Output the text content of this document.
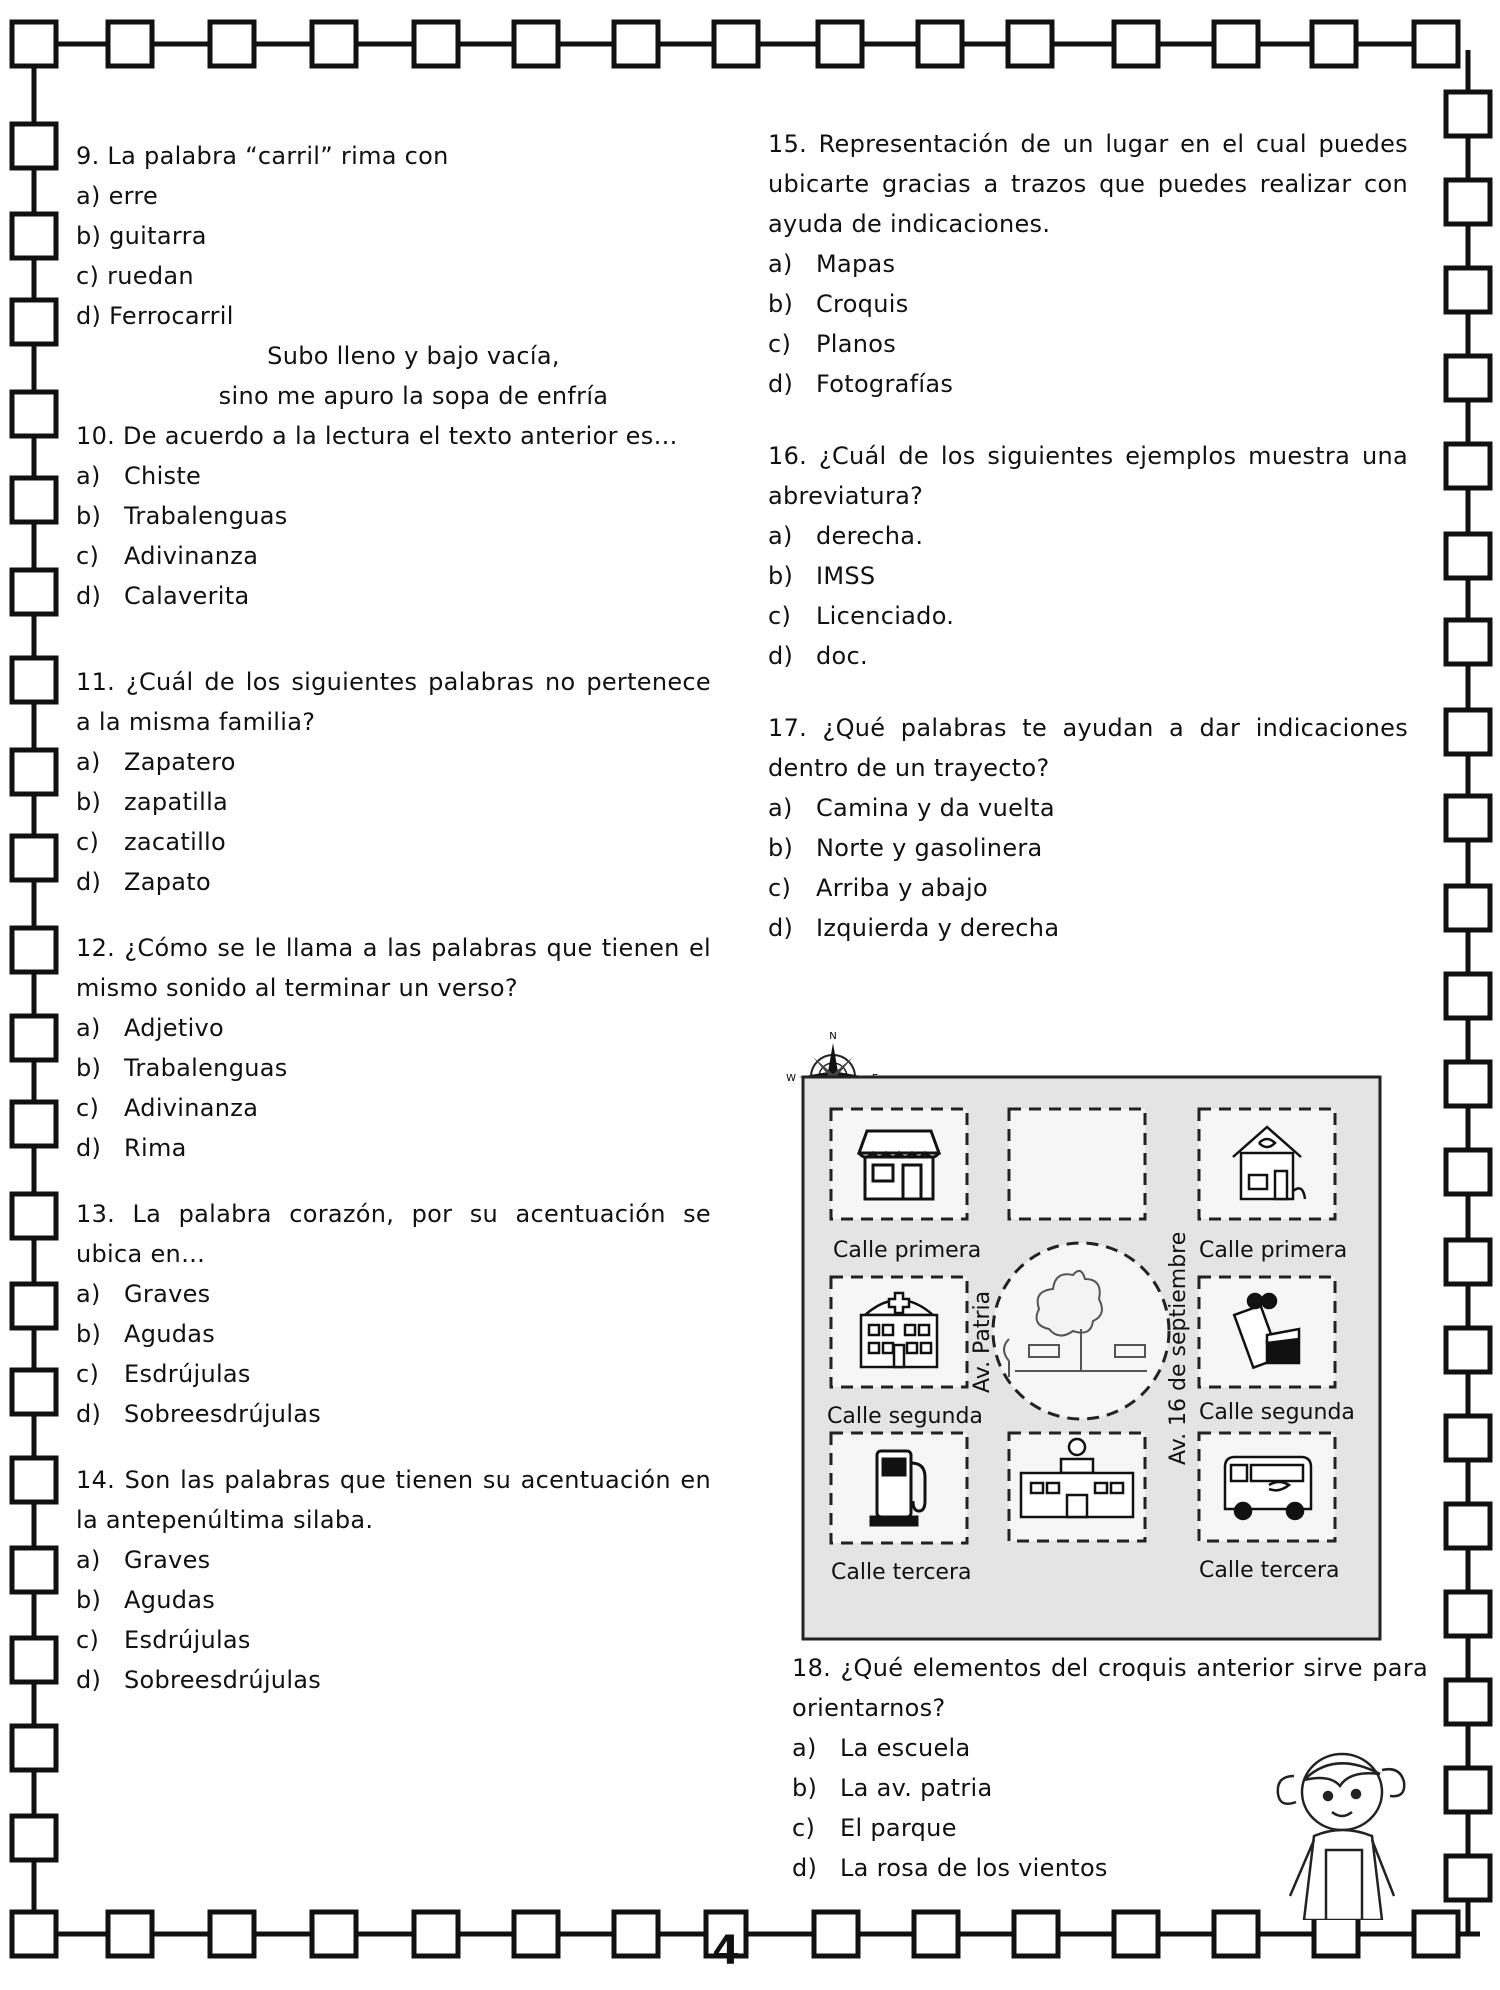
9. La palabra “carril” rima con

a) erre

b) guitarra

c) ruedan

d) Ferrocarril

Subo lleno y bajo vacía,

sino me apuro la sopa de enfría

10. De acuerdo a la lectura el texto anterior es…

a) Chiste
b) Trabalenguas
c)	Adivinanza
d) Calaverita

11. ¿Cuál de los siguientes palabras no pertenece a la misma familia?

a) Zapatero
b) zapatilla
c)	zacatillo
d) Zapato

12. ¿Cómo se le llama a las palabras que tienen el mismo sonido al terminar un verso?

a) Adjetivo
b) Trabalenguas
c)	Adivinanza
d) Rima

13. La palabra corazón, por su acentuación se ubica en…

a) Graves
b) Agudas
c)	Esdrújulas
d) Sobreesdrújulas

14. Son las palabras que tienen su acentuación en la antepenúltima silaba.

a) Graves
b) Agudas
c)	Esdrújulas
d) Sobreesdrújulas

15. Representación de un lugar en el cual puedes ubicarte gracias a trazos que puedes realizar con ayuda de indicaciones.

a) Mapas
b) Croquis
c)	Planos
d) Fotografías

16. ¿Cuál de los siguientes ejemplos muestra una abreviatura?

a) derecha.
b) IMSS
c)	Licenciado.
d) doc.

17. ¿Qué palabras te ayudan a dar indicaciones dentro de un trayecto?

a) Camina y da vuelta
b) Norte y gasolinera
c)	Arriba y abajo
d) Izquierda y derecha
N
W
Calle primera	Calle primera
Calle segunda	Calle segunda
Calle tercera	Calle tercera
Av. Patria	Av. 16 de septiembre

18. ¿Qué elementos del croquis anterior sirve para orientarnos?

a) La escuela
b) La av. patria
c)	El parque
d) La rosa de los vientos
4
